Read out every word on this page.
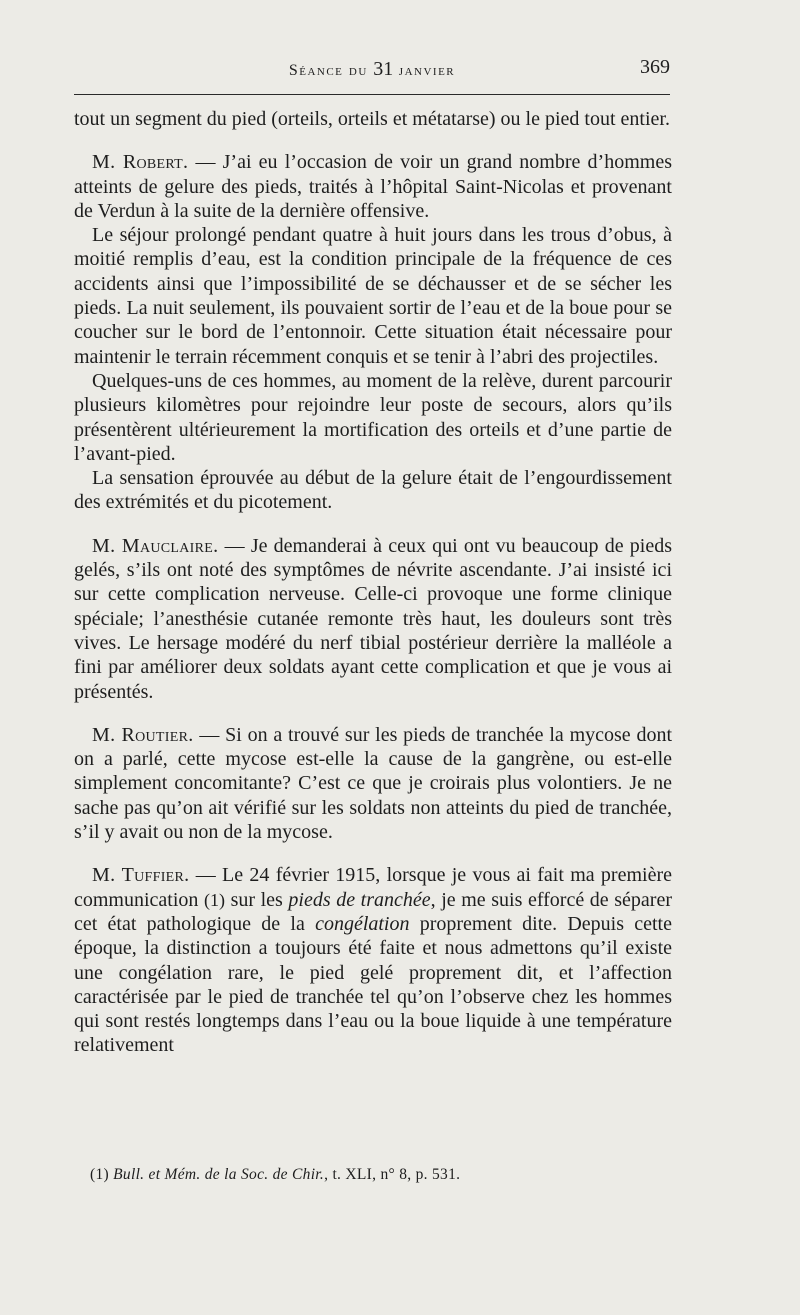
Séance du 31 janvier	369

tout un segment du pied (orteils, orteils et métatarse) ou le pied tout entier.

M. Robert. — J’ai eu l’occasion de voir un grand nombre d’hommes atteints de gelure des pieds, traités à l’hôpital Saint-Nicolas et provenant de Verdun à la suite de la dernière offensive.

Le séjour prolongé pendant quatre à huit jours dans les trous d’obus, à moitié remplis d’eau, est la condition principale de la fréquence de ces accidents ainsi que l’impossibilité de se déchausser et de se sécher les pieds. La nuit seulement, ils pouvaient sortir de l’eau et de la boue pour se coucher sur le bord de l’entonnoir. Cette situation était nécessaire pour maintenir le terrain récemment conquis et se tenir à l’abri des projectiles.

Quelques-uns de ces hommes, au moment de la relève, durent parcourir plusieurs kilomètres pour rejoindre leur poste de secours, alors qu’ils présentèrent ultérieurement la mortification des orteils et d’une partie de l’avant-pied.

La sensation éprouvée au début de la gelure était de l’engourdissement des extrémités et du picotement.

M. Mauclaire. — Je demanderai à ceux qui ont vu beaucoup de pieds gelés, s’ils ont noté des symptômes de névrite ascendante. J’ai insisté ici sur cette complication nerveuse. Celle-ci provoque une forme clinique spéciale; l’anesthésie cutanée remonte très haut, les douleurs sont très vives. Le hersage modéré du nerf tibial postérieur derrière la malléole a fini par améliorer deux soldats ayant cette complication et que je vous ai présentés.

M. Routier. — Si on a trouvé sur les pieds de tranchée la mycose dont on a parlé, cette mycose est-elle la cause de la gangrène, ou est-elle simplement concomitante? C’est ce que je croirais plus volontiers. Je ne sache pas qu’on ait vérifié sur les soldats non atteints du pied de tranchée, s’il y avait ou non de la mycose.

M. Tuffier. — Le 24 février 1915, lorsque je vous ai fait ma première communication (1) sur les pieds de tranchée, je me suis efforcé de séparer cet état pathologique de la congélation proprement dite. Depuis cette époque, la distinction a toujours été faite et nous admettons qu’il existe une congélation rare, le pied gelé proprement dit, et l’affection caractérisée par le pied de tranchée tel qu’on l’observe chez les hommes qui sont restés longtemps dans l’eau ou la boue liquide à une température relativement

(1) Bull. et Mém. de la Soc. de Chir., t. XLI, n° 8, p. 531.
